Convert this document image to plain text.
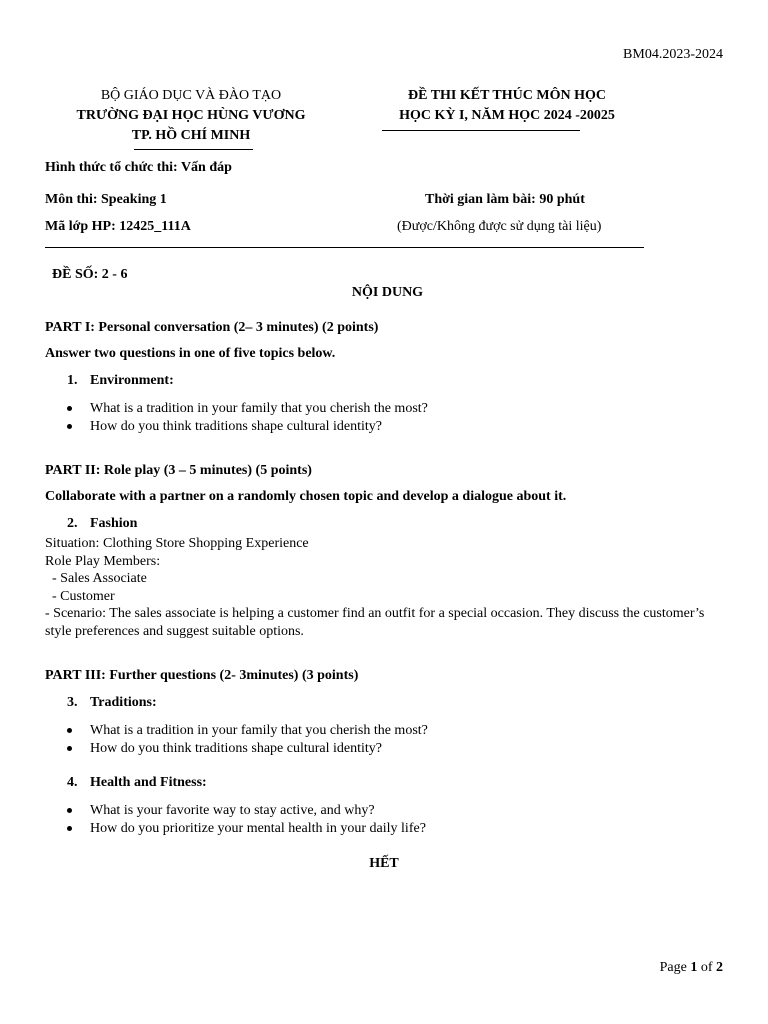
BM04.2023-2024
BỘ GIÁO DỤC VÀ ĐÀO TẠO
TRƯỜNG ĐẠI HỌC HÙNG VƯƠNG
TP. HỒ CHÍ MINH
ĐỀ THI KẾT THÚC MÔN HỌC
HỌC KỲ I, NĂM HỌC 2024 -20025
Hình thức tổ chức thi: Vấn đáp
Môn thi: Speaking 1	Thời gian làm bài: 90 phút
Mã lớp HP: 12425_111A	(Được/Không được sử dụng tài liệu)
ĐỀ SỐ: 2 - 6
NỘI DUNG
PART I: Personal conversation (2– 3 minutes) (2 points)
Answer two questions in one of five topics below.
1. Environment:
What is a tradition in your family that you cherish the most?
How do you think traditions shape cultural identity?
PART II: Role play (3 – 5 minutes) (5 points)
Collaborate with a partner on a randomly chosen topic and develop a dialogue about it.
2. Fashion
Situation: Clothing Store Shopping Experience
Role Play Members:
- Sales Associate
- Customer
- Scenario: The sales associate is helping a customer find an outfit for a special occasion. They discuss the customer’s style preferences and suggest suitable options.
PART III: Further questions (2- 3minutes) (3 points)
3. Traditions:
What is a tradition in your family that you cherish the most?
How do you think traditions shape cultural identity?
4. Health and Fitness:
What is your favorite way to stay active, and why?
How do you prioritize your mental health in your daily life?
HẾT
Page 1 of 2
